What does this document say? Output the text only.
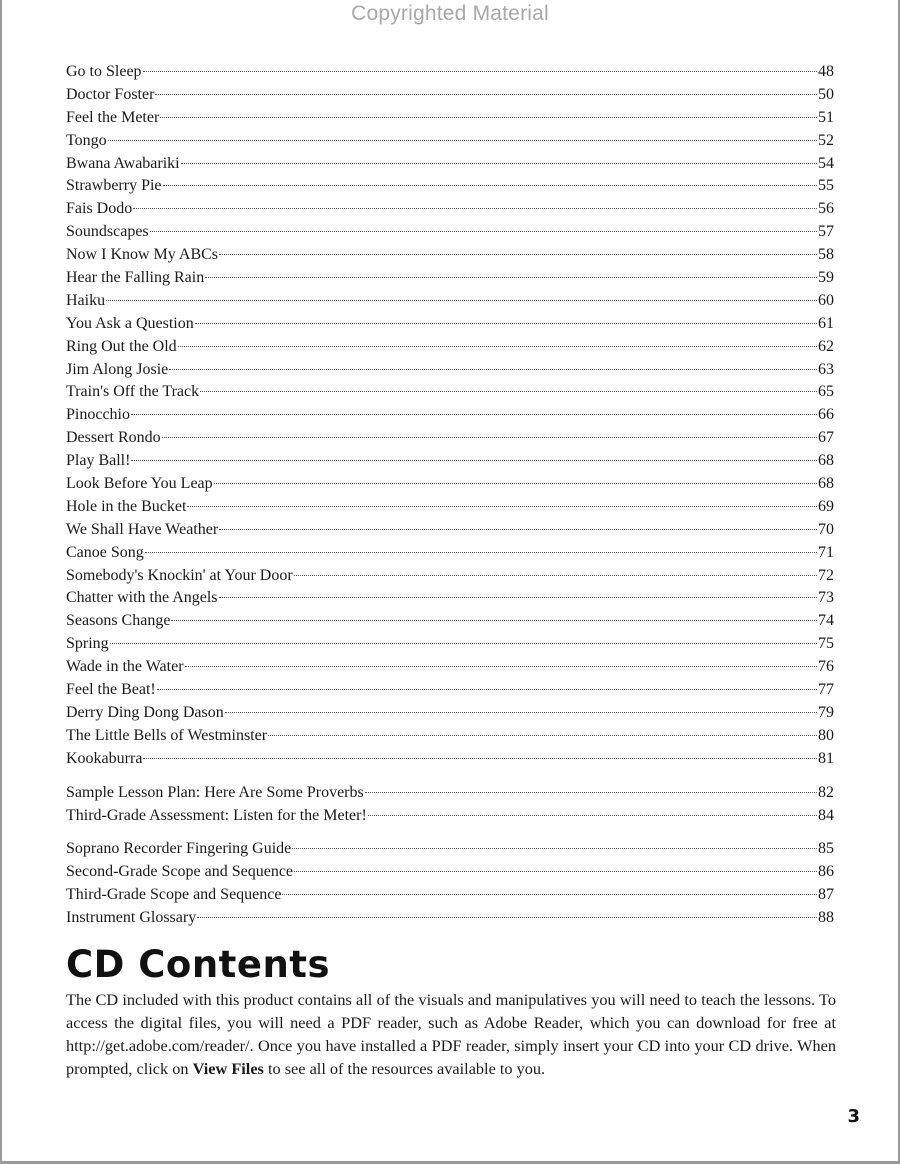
Copyrighted Material
Go to Sleep	48
Doctor Foster	50
Feel the Meter	51
Tongo	52
Bwana Awabariki	54
Strawberry Pie	55
Fais Dodo	56
Soundscapes	57
Now I Know My ABCs	58
Hear the Falling Rain	59
Haiku	60
You Ask a Question	61
Ring Out the Old	62
Jim Along Josie	63
Train's Off the Track	65
Pinocchio	66
Dessert Rondo	67
Play Ball!	68
Look Before You Leap	68
Hole in the Bucket	69
We Shall Have Weather	70
Canoe Song	71
Somebody's Knockin' at Your Door	72
Chatter with the Angels	73
Seasons Change	74
Spring	75
Wade in the Water	76
Feel the Beat!	77
Derry Ding Dong Dason	79
The Little Bells of Westminster	80
Kookaburra	81
Sample Lesson Plan: Here Are Some Proverbs	82
Third-Grade Assessment: Listen for the Meter!	84
Soprano Recorder Fingering Guide	85
Second-Grade Scope and Sequence	86
Third-Grade Scope and Sequence	87
Instrument Glossary	88
CD Contents
The CD included with this product contains all of the visuals and manipulatives you will need to teach the lessons. To access the digital files, you will need a PDF reader, such as Adobe Reader, which you can download for free at http://get.adobe.com/reader/. Once you have installed a PDF reader, simply insert your CD into your CD drive. When prompted, click on View Files to see all of the resources available to you.
3
